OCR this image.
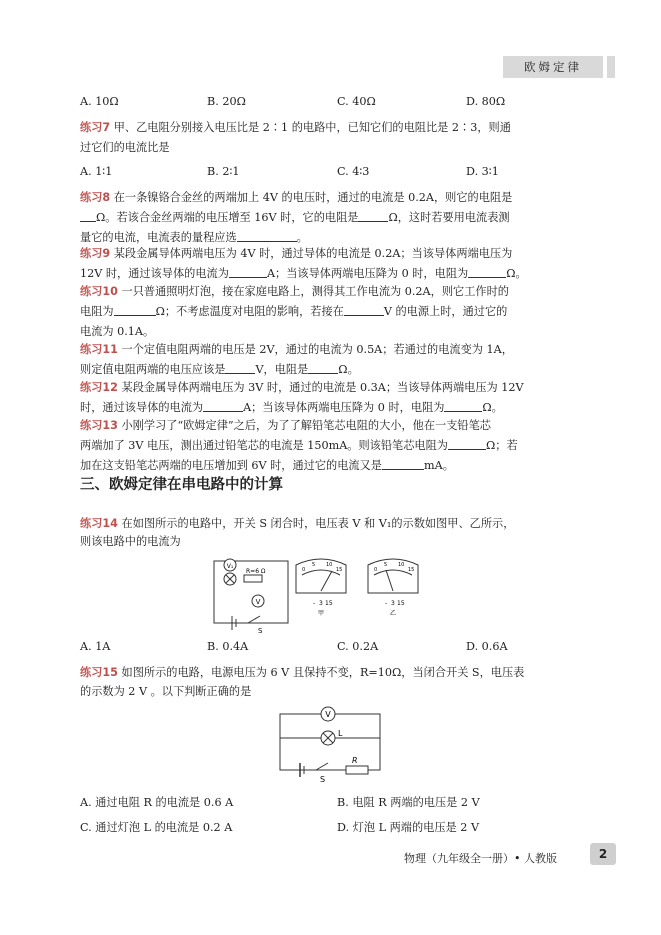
欧姆定律
A. 10Ω	B. 20Ω	C. 40Ω	D. 80Ω
练习7 甲、乙电阻分别接入电压比是 2∶1 的电路中，已知它们的电阻比是 2∶3，则通
过它们的电流比是
A. 1∶1	B. 2∶1	C. 4∶3	D. 3∶1
练习8 在一条镍铬合金丝的两端加上 4V 的电压时，通过的电流是 0.2A，则它的电阻是
Ω。若该合金丝两端的电压增至 16V 时，它的电阻是	Ω，这时若要用电流表测
量它的电流，电流表的量程应选	。
练习9 某段金属导体两端电压为 4V 时，通过导体的电流是 0.2A；当该导体两端电压为
12V 时，通过该导体的电流为	A；当该导体两端电压降为 0 时，电阻为	Ω。
练习10 一只普通照明灯泡，接在家庭电路上，测得其工作电流为 0.2A，则它工作时的
电阻为	Ω；不考虑温度对电阻的影响，若接在	V 的电源上时，通过它的
电流为 0.1A。
练习11 一个定值电阻两端的电压是 2V，通过的电流为 0.5A；若通过的电流变为 1A，
则定值电阻两端的电压应该是	V，电阻是	Ω。
练习12 某段金属导体两端电压为 3V 时，通过的电流是 0.3A；当该导体两端电压为 12V
时，通过该导体的电流为	A；当该导体两端电压降为 0 时，电阻为	Ω。
练习13 小刚学习了“欧姆定律”之后，为了了解铅笔芯电阻的大小，他在一支铅笔芯
两端加了 3V 电压，测出通过铅笔芯的电流是 150mA。则该铅笔芯电阻为	Ω；若
加在这支铅笔芯两端的电压增加到 6V 时，通过它的电流又是	mA。
三、欧姆定律在串电路中的计算
练习14 在如图所示的电路中，开关 S 闭合时，电压表 V 和 V₁的示数如图甲、乙所示，
则该电路中的电流为
V₁
R=6 Ω
V
S
0
5 10
15
- 3 15
甲
0
5 10
15
- 3 15
乙
A. 1A	B. 0.4A	C. 0.2A	D. 0.6A
练习15 如图所示的电路，电源电压为 6 V 且保持不变，R=10Ω，当闭合开关 S，电压表
的示数为 2 V 。以下判断正确的是
V
L
R
S
A. 通过电阻 R 的电流是 0.6 A	B. 电阻 R 两端的电压是 2 V
C. 通过灯泡 L 的电流是 0.2 A	D. 灯泡 L 两端的电压是 2 V
物理（九年级全一册）• 人教版	2
